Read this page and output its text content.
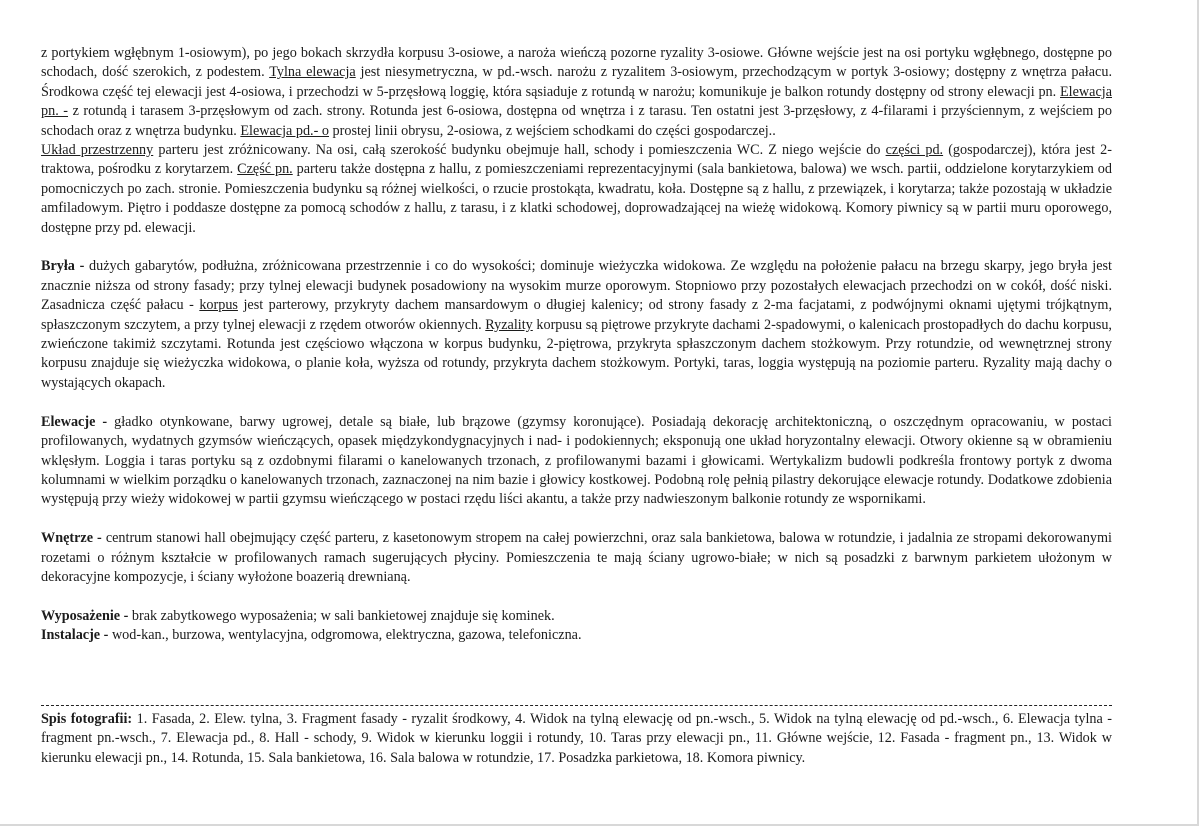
z portykiem wgłębnym 1-osiowym), po jego bokach skrzydła korpusu 3-osiowe, a naroża wieńczą pozorne ryzality 3-osiowe. Główne wejście jest na osi portyku wgłębnego, dostępne po schodach, dość szerokich, z podestem. Tylna elewacja jest niesymetryczna, w pd.-wsch. narożu z ryzalitem 3-osiowym, przechodzącym w portyk 3-osiowy; dostępny z wnętrza pałacu. Środkowa część tej elewacji jest 4-osiowa, i przechodzi w 5-przęsłową loggię, która sąsiaduje z rotundą w narożu; komunikuje je balkon rotundy dostępny od strony elewacji pn. Elewacja pn. - z rotundą i tarasem 3-przęsłowym od zach. strony. Rotunda jest 6-osiowa, dostępna od wnętrza i z tarasu. Ten ostatni jest 3-przęsłowy, z 4-filarami i przyściennym, z wejściem po schodach oraz z wnętrza budynku. Elewacja pd.- o prostej linii obrysu, 2-osiowa, z wejściem schodkami do części gospodarczej..

Układ przestrzenny parteru jest zróżnicowany. Na osi, całą szerokość budynku obejmuje hall, schody i pomieszczenia WC. Z niego wejście do części pd. (gospodarczej), która jest 2-traktowa, pośrodku z korytarzem. Część pn. parteru także dostępna z hallu, z pomieszczeniami reprezentacyjnymi (sala bankietowa, balowa) we wsch. partii, oddzielone korytarzykiem od pomocniczych po zach. stronie. Pomieszczenia budynku są różnej wielkości, o rzucie prostokąta, kwadratu, koła. Dostępne są z hallu, z przewiązek, i korytarza; także pozostają w układzie amfiladowym. Piętro i poddasze dostępne za pomocą schodów z hallu, z tarasu, i z klatki schodowej, doprowadzającej na wieżę widokową. Komory piwnicy są w partii muru oporowego, dostępne przy pd. elewacji.

Bryła - dużych gabarytów, podłużna, zróżnicowana przestrzennie i co do wysokości; dominuje wieżyczka widokowa. Ze względu na położenie pałacu na brzegu skarpy, jego bryła jest znacznie niższa od strony fasady; przy tylnej elewacji budynek posadowiony na wysokim murze oporowym. Stopniowo przy pozostałych elewacjach przechodzi on w cokół, dość niski. Zasadnicza część pałacu - korpus jest parterowy, przykryty dachem mansardowym o długiej kalenicy; od strony fasady z 2-ma facjatami, z podwójnymi oknami ujętymi trójkątnym, spłaszczonym szczytem, a przy tylnej elewacji z rzędem otworów okiennych. Ryzality korpusu są piętrowe przykryte dachami 2-spadowymi, o kalenicach prostopadłych do dachu korpusu, zwieńczone takimiż szczytami. Rotunda jest częściowo włączona w korpus budynku, 2-piętrowa, przykryta spłaszczonym dachem stożkowym. Przy rotundzie, od wewnętrznej strony korpusu znajduje się wieżyczka widokowa, o planie koła, wyższa od rotundy, przykryta dachem stożkowym. Portyki, taras, loggia występują na poziomie parteru. Ryzality mają dachy o wystających okapach.

Elewacje - gładko otynkowane, barwy ugrowej, detale są białe, lub brązowe (gzymsy koronujące). Posiadają dekorację architektoniczną, o oszczędnym opracowaniu, w postaci profilowanych, wydatnych gzymsów wieńczących, opasek międzykondygnacyjnych i nad- i podokiennych; eksponują one układ horyzontalny elewacji. Otwory okienne są w obramieniu wklęsłym. Loggia i taras portyku są z ozdobnymi filarami o kanelowanych trzonach, z profilowanymi bazami i głowicami. Wertykalizm budowli podkreśla frontowy portyk z dwoma kolumnami w wielkim porządku o kanelowanych trzonach, zaznaczonej na nim bazie i głowicy kostkowej. Podobną rolę pełnią pilastry dekorujące elewacje rotundy. Dodatkowe zdobienia występują przy wieży widokowej w partii gzymsu wieńczącego w postaci rzędu liści akantu, a także przy nadwieszonym balkonie rotundy ze wspornikami.

Wnętrze - centrum stanowi hall obejmujący część parteru, z kasetonowym stropem na całej powierzchni, oraz sala bankietowa, balowa w rotundzie, i jadalnia ze stropami dekorowanymi rozetami o różnym kształcie w profilowanych ramach sugerujących płyciny. Pomieszczenia te mają ściany ugrowo-białe; w nich są posadzki z barwnym parkietem ułożonym w dekoracyjne kompozycje, i ściany wyłożone boazerią drewnianą.

Wyposażenie - brak zabytkowego wyposażenia; w sali bankietowej znajduje się kominek.

Instalacje - wod-kan., burzowa, wentylacyjna, odgromowa, elektryczna, gazowa, telefoniczna.

Spis fotografii: 1. Fasada, 2. Elew. tylna, 3. Fragment fasady - ryzalit środkowy, 4. Widok na tylną elewację od pn.-wsch., 5. Widok na tylną elewację od pd.-wsch., 6. Elewacja tylna - fragment pn.-wsch., 7. Elewacja pd., 8. Hall - schody, 9. Widok w kierunku loggii i rotundy, 10. Taras przy elewacji pn., 11. Główne wejście, 12. Fasada - fragment pn., 13. Widok w kierunku elewacji pn., 14. Rotunda, 15. Sala bankietowa, 16. Sala balowa w rotundzie, 17. Posadzka parkietowa, 18. Komora piwnicy.
